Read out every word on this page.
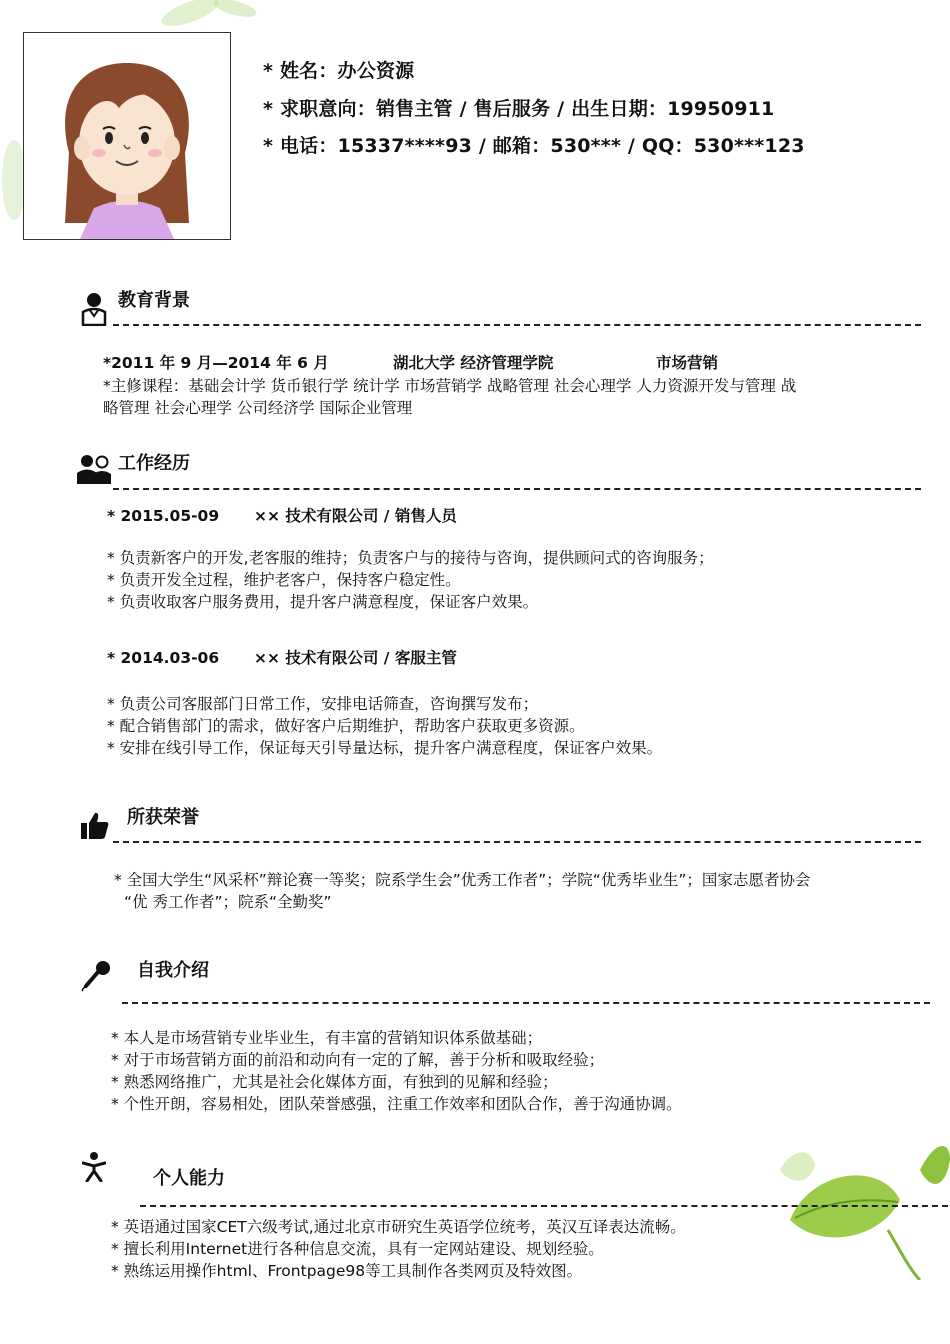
* 姓名：办公资源
* 求职意向：销售主管 / 售后服务 / 出生日期：19950911
* 电话：15337****93 / 邮箱：530*** / QQ：530***123
教育背景
*2011 年 9 月—2014 年 6 月	湖北大学 经济管理学院	市场营销
*主修课程：基础会计学 货币银行学 统计学 市场营销学 战略管理 社会心理学 人力资源开发与管理 战
略管理 社会心理学 公司经济学 国际企业管理
工作经历
* 2015.05-09 ×× 技术有限公司 / 销售人员
* 负责新客户的开发,老客服的维持；负责客户与的接待与咨询，提供顾问式的咨询服务；
* 负责开发全过程，维护老客户，保持客户稳定性。
* 负责收取客户服务费用，提升客户满意程度，保证客户效果。
* 2014.03-06 ×× 技术有限公司 / 客服主管
* 负责公司客服部门日常工作，安排电话筛查，咨询撰写发布；
* 配合销售部门的需求，做好客户后期维护，帮助客户获取更多资源。
* 安排在线引导工作，保证每天引导量达标，提升客户满意程度，保证客户效果。
所获荣誉
* 全国大学生“风采杯”辩论赛一等奖；院系学生会”优秀工作者”；学院“优秀毕业生”；国家志愿者协会
“优 秀工作者”；院系“全勤奖”
自我介绍
* 本人是市场营销专业毕业生，有丰富的营销知识体系做基础；
* 对于市场营销方面的前沿和动向有一定的了解，善于分析和吸取经验；
* 熟悉网络推广，尤其是社会化媒体方面，有独到的见解和经验；
* 个性开朗，容易相处，团队荣誉感强，注重工作效率和团队合作，善于沟通协调。
个人能力
* 英语通过国家CET六级考试,通过北京市研究生英语学位统考，英汉互译表达流畅。
* 擅长利用Internet进行各种信息交流，具有一定网站建设、规划经验。
* 熟练运用操作html、Frontpage98等工具制作各类网页及特效图。
